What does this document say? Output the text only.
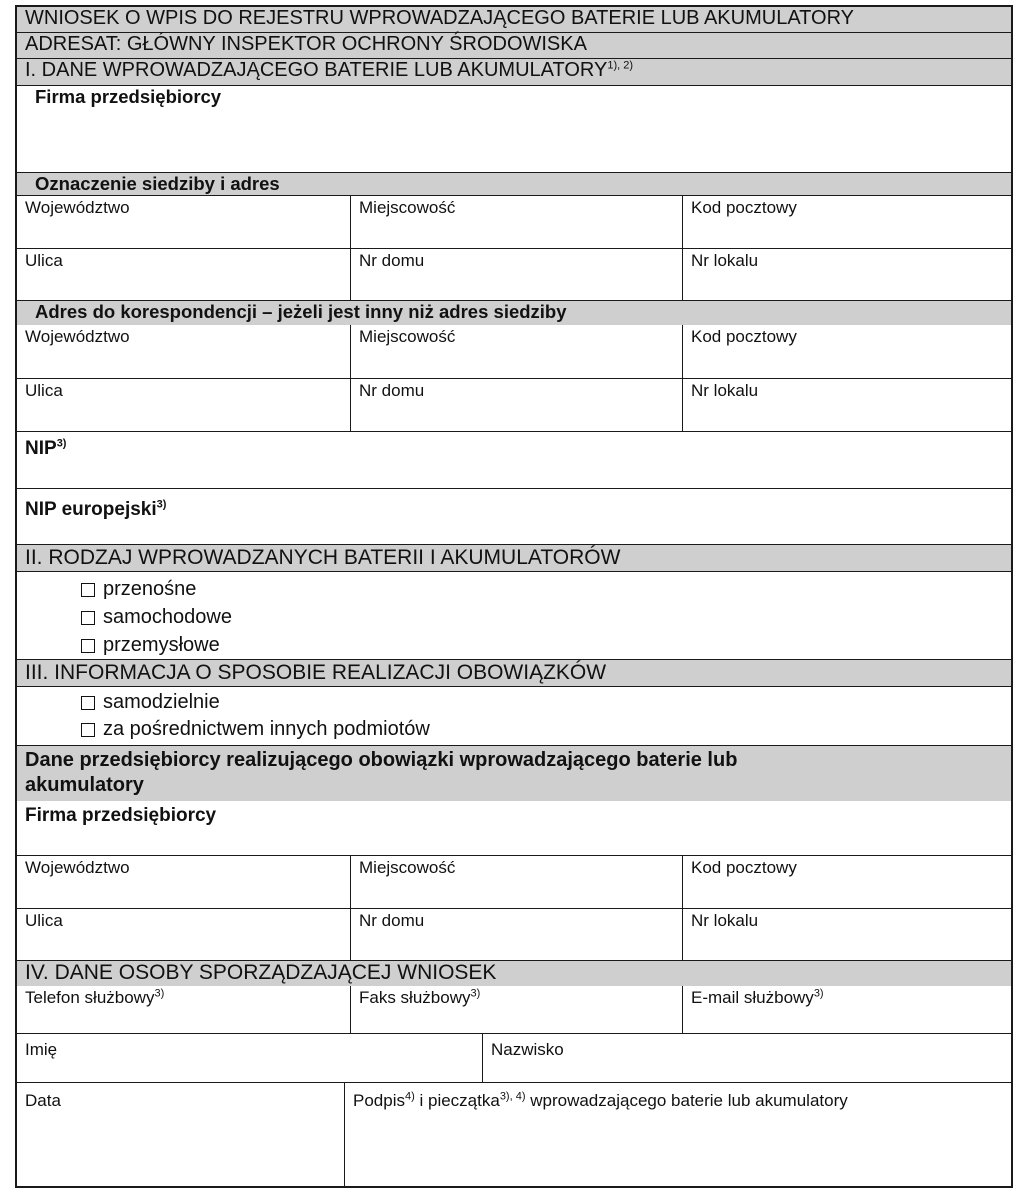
WNIOSEK O WPIS DO REJESTRU WPROWADZAJĄCEGO BATERIE LUB AKUMULATORY
ADRESAT: GŁÓWNY INSPEKTOR OCHRONY ŚRODOWISKA
I. DANE WPROWADZAJĄCEGO BATERIE LUB $AKUMULATORY^{1), 2)}$
Firma przedsiębiorcy
Oznaczenie siedziby i adres
Województwo	Miejscowość	Kod pocztowy
Ulica	Nr domu	Nr lokalu
Adres do korespondencji – jeżeli jest inny niż adres siedziby
Województwo	Miejscowość	Kod pocztowy
Ulica	Nr domu	Nr lokalu
NIP$^{3)}$
NIP europejski$^{3)}$
II. RODZAJ WPROWADZANYCH BATERII I AKUMULATORÓW
przenośne
samochodowe
przemysłowe
III. INFORMACJA O SPOSOBIE REALIZACJI OBOWIĄZKÓW
samodzielnie
za pośrednictwem innych podmiotów
Dane przedsiębiorcy realizującego obowiązki wprowadzającego baterie lub
akumulatory
Firma przedsiębiorcy
Województwo	Miejscowość	Kod pocztowy
Ulica	Nr domu	Nr lokalu
IV. DANE OSOBY SPORZĄDZAJĄCEJ WNIOSEK
Telefon służbowy$^{3)}$	Faks służbowy$^{3)}$	E-mail służbowy$^{3)}$
Imię	Nazwisko
Data	Podpis$^{4)}$ i pieczątka$^{3), 4)}$ wprowadzającego baterie lub akumulatory
